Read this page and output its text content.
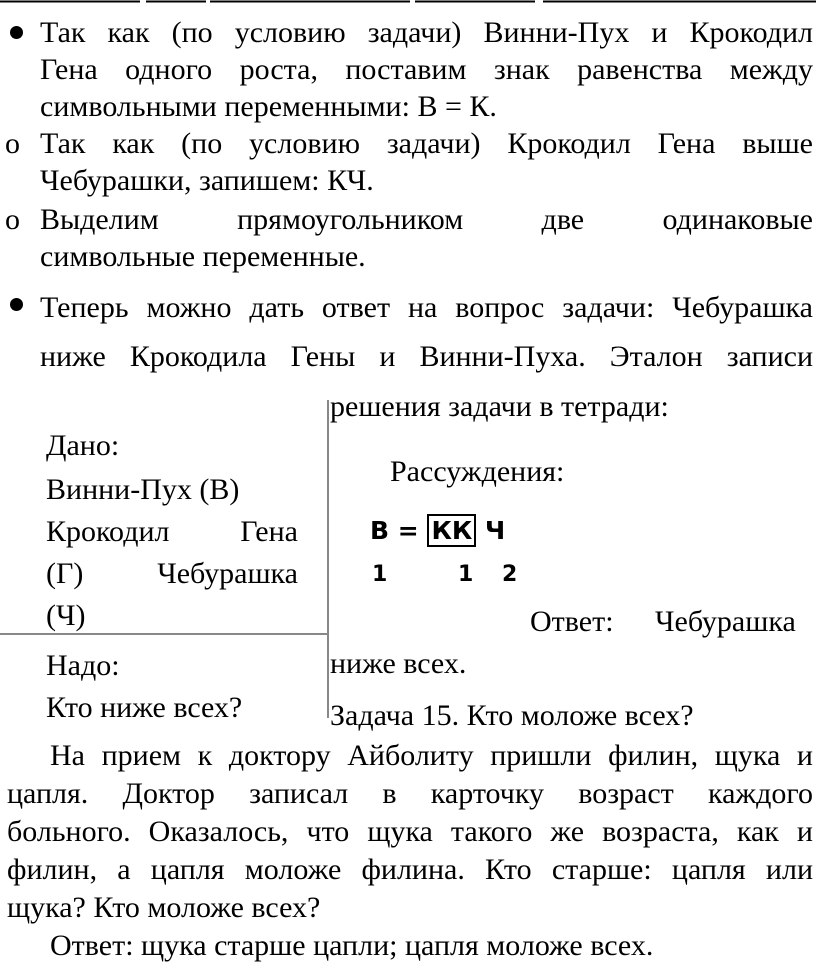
Так как (по условию задачи) Винни-Пух и Крокодил
Гена одного роста, поставим знак равенства между
символьными переменными: В = К.
o Так как (по условию задачи) Крокодил Гена выше
Чебурашки, запишем: КЧ.
o Выделим прямоугольником две одинаковые
символьные переменные.
Теперь можно дать ответ на вопрос задачи: Чебурашка
ниже Крокодила Гены и Винни-Пуха. Эталон записи
решения задачи в тетради:
Дано:
Винни-Пух (В)
Крокодил Гена
(Г) Чебурашка
(Ч)
Надо:
Кто ниже всех?
Рассуждения:
В = КК Ч
1	1 2
Ответ: Чебурашка
ниже всех.
Задача 15. Кто моложе всех?
На прием к доктору Айболиту пришли филин, щука и
цапля. Доктор записал в карточку возраст каждого
больного. Оказалось, что щука такого же возраста, как и
филин, а цапля моложе филина. Кто старше: цапля или
щука? Кто моложе всех?
Ответ: щука старше цапли; цапля моложе всех.
